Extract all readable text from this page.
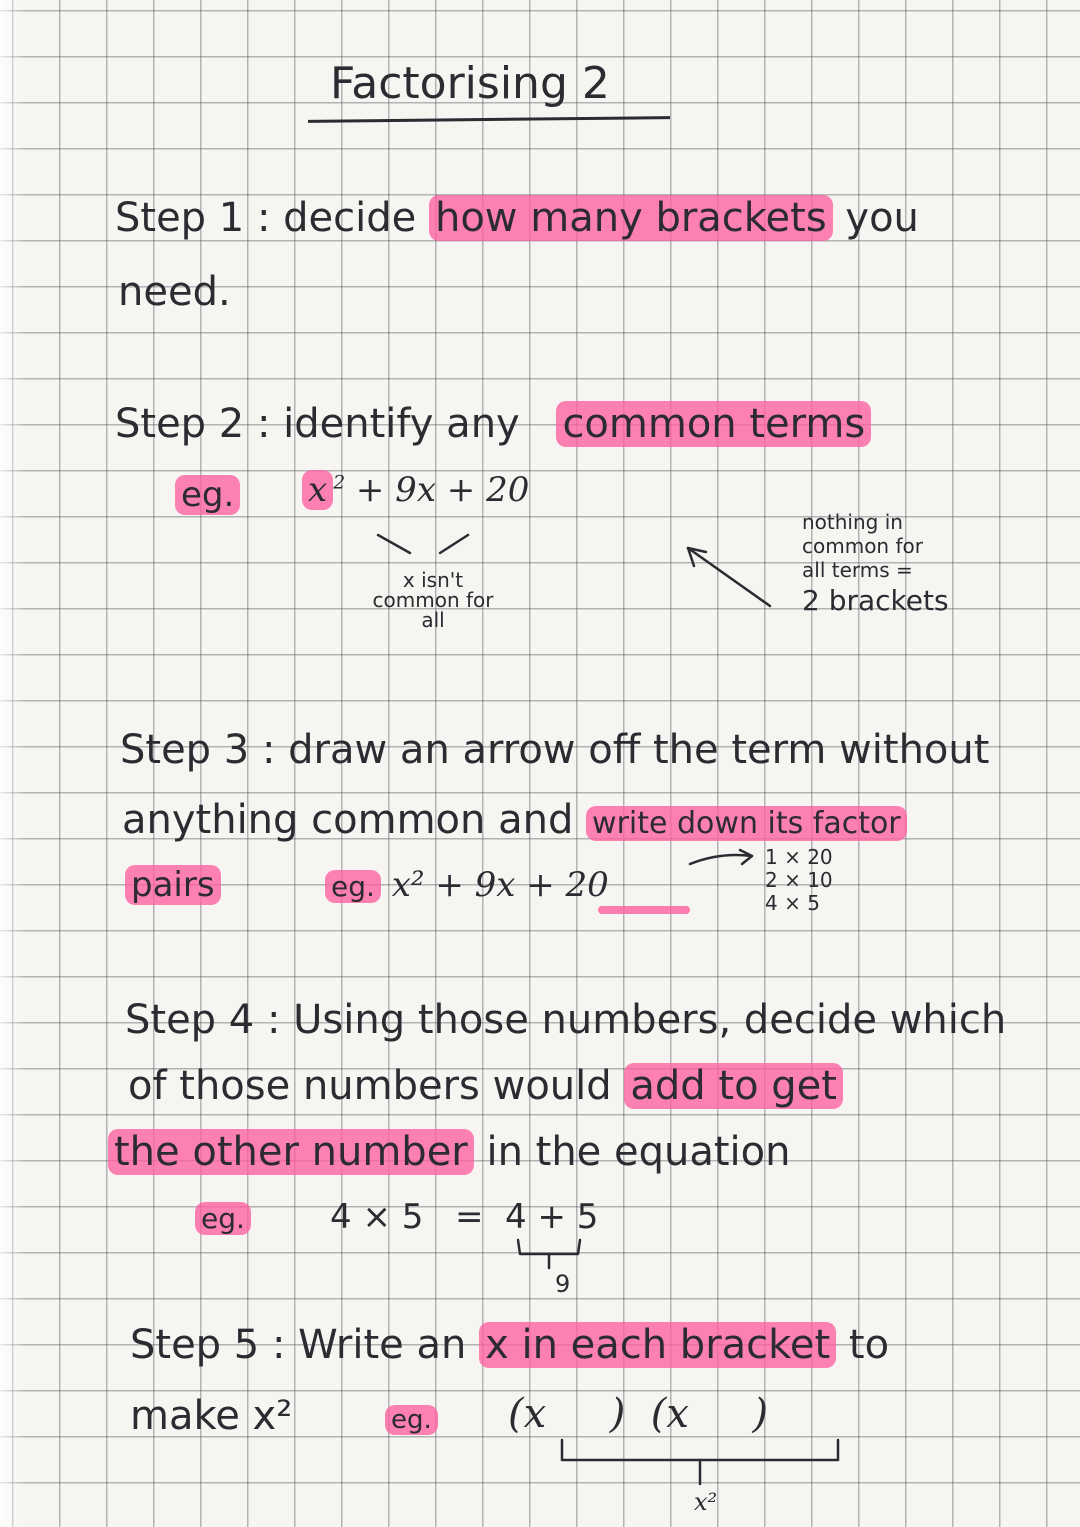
Factorising 2
Step 1 : decide how many brackets you
need.
Step 2 : identify any common terms
eg. x $^2$ + 9x + 20
x isn't
common for
all
nothing in
common for
all terms =
2 brackets
Step 3 : draw an arrow off the term without
anything common and write down its factor
pairs	eg. x² + 9x + 20
1 × 20
2 × 10
4 × 5
Step 4 : Using those numbers, decide which
of those numbers would add to get
the other number in the equation
eg.	4 × 5 = 4 + 5
9
Step 5 : Write an x in each bracket to
make x²	eg. (x     )  (x     )
x²
